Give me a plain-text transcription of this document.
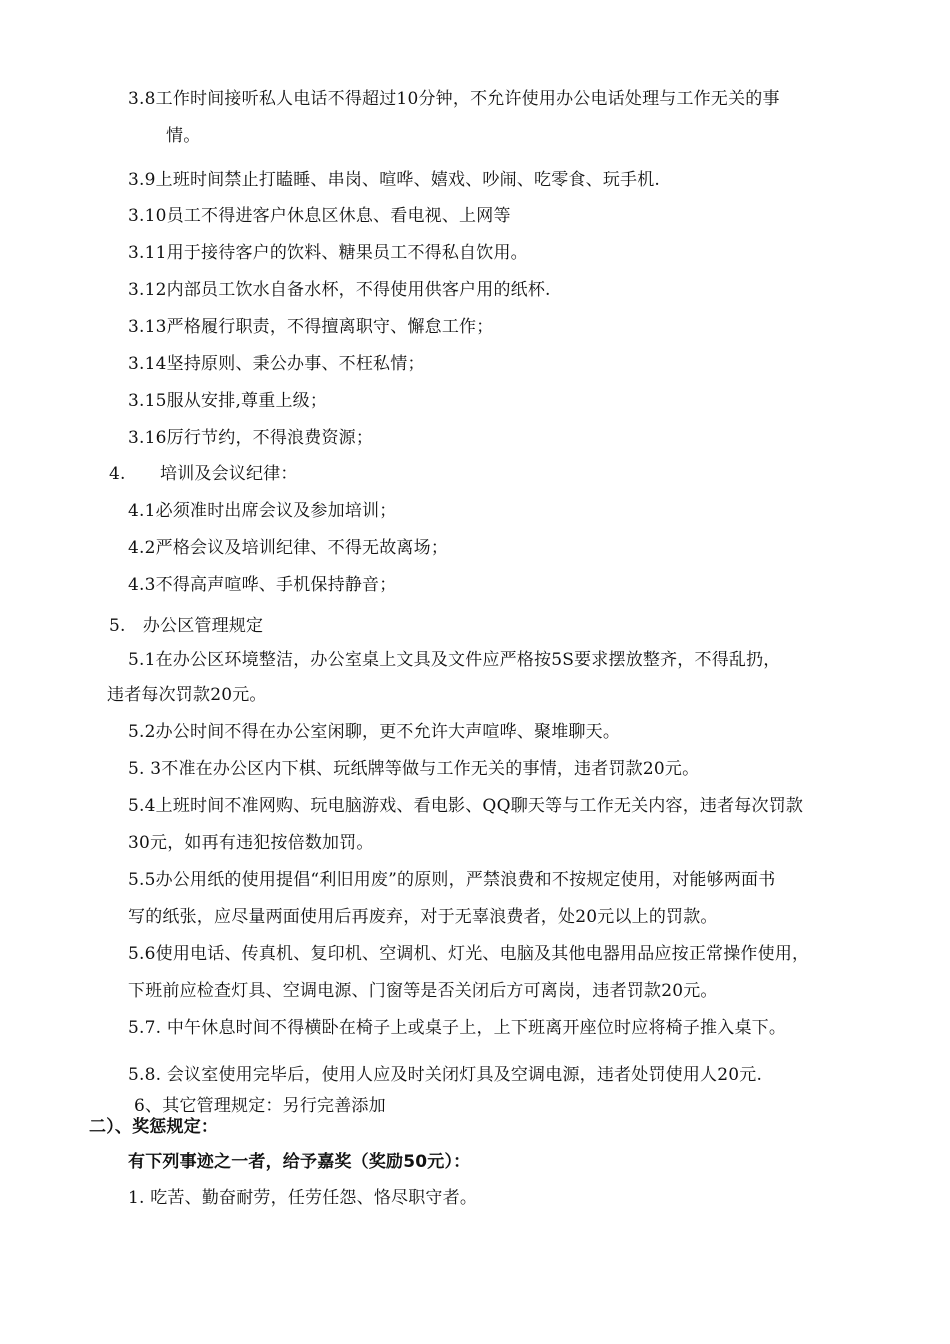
3.8工作时间接听私人电话不得超过10分钟，不允许使用办公电话处理与工作无关的事
情。
3.9上班时间禁止打瞌睡、串岗、喧哗、嬉戏、吵闹、吃零食、玩手机.
3.10员工不得进客户休息区休息、看电视、上网等
3.11用于接待客户的饮料、糖果员工不得私自饮用。
3.12内部员工饮水自备水杯，不得使用供客户用的纸杯.
3.13严格履行职责，不得擅离职守、懈怠工作；
3.14坚持原则、秉公办事、不枉私情；
3.15服从安排,尊重上级；
3.16厉行节约，不得浪费资源；
4.　　培训及会议纪律：
4.1必须准时出席会议及参加培训；
4.2严格会议及培训纪律、不得无故离场；
4.3不得高声喧哗、手机保持静音；
5.　办公区管理规定
5.1在办公区环境整洁，办公室桌上文具及文件应严格按5S要求摆放整齐，不得乱扔，
违者每次罚款20元。
5.2办公时间不得在办公室闲聊，更不允许大声喧哗、聚堆聊天。
5. 3不准在办公区内下棋、玩纸牌等做与工作无关的事情，违者罚款20元。
5.4上班时间不准网购、玩电脑游戏、看电影、QQ聊天等与工作无关内容，违者每次罚款
30元，如再有违犯按倍数加罚。
5.5办公用纸的使用提倡“利旧用废”的原则，严禁浪费和不按规定使用，对能够两面书
写的纸张，应尽量两面使用后再废弃，对于无辜浪费者，处20元以上的罚款。
5.6使用电话、传真机、复印机、空调机、灯光、电脑及其他电器用品应按正常操作使用，
下班前应检查灯具、空调电源、门窗等是否关闭后方可离岗，违者罚款20元。
5.7. 中午休息时间不得横卧在椅子上或桌子上，上下班离开座位时应将椅子推入桌下。
5.8. 会议室使用完毕后，使用人应及时关闭灯具及空调电源，违者处罚使用人20元.
6、其它管理规定：另行完善添加
二）、奖惩规定：
有下列事迹之一者，给予嘉奖（奖励50元）：
1. 吃苦、勤奋耐劳，任劳任怨、恪尽职守者。
